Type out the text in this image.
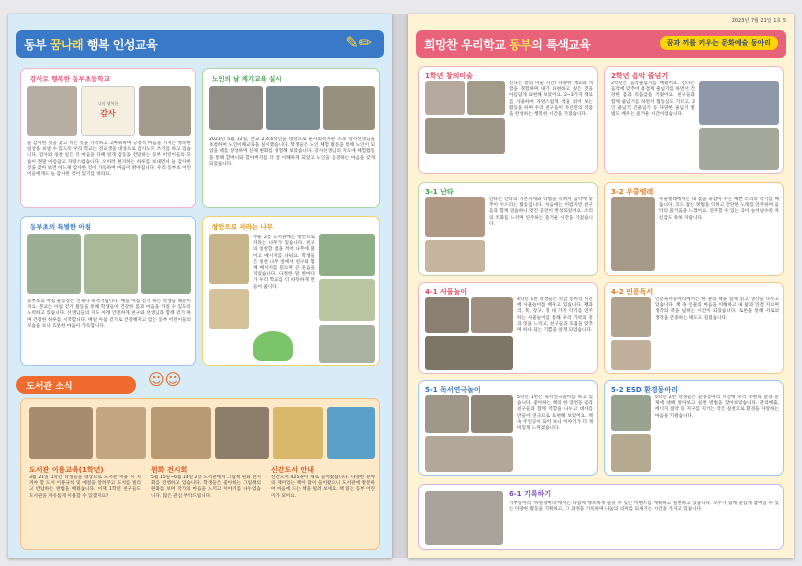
동부 꿈나래 행복 인성교육	✎✏
감사로 행복한 동부초등학교
나의 행복한
감사
늘 감사한 것을 찾고 적은 것을 기억하고 고마워하며 긍정적 마음을 가지는 행복한 일상을 보낼 수 있도록 우리 학교는 전교생을 대상으로 감사노트 쓰기를 하고 있습니다. 감사와 칭찬 일은 더 마음을 다해 알게 감동을 전달하는 동부 어린이들의 모습이 정말 아름답고 자랑스럽습니다. 오히려 편지하는 하루를 보내면서 늘 감사한 것을 찾아 보면 어느새 감사한 것이 가득하여 마음이 밝아집니다. 우리 동부초 어린이들에게도 늘 감사한 것이 있기를 바라요.
노인의 날 계기교육 실시
2023년 5월 12일, 본교 2,4,6학년을 대상으로 운사회복지관 소속 강사선생님을 초청하여 노인이해교육을 실시했습니다. 학생들은 노인 체험 활동을 통해 노인이 되었을 때를 상상하며 신체 변화를 경험해 보았습니다. 강사선생님의 지도에 체험활동을 통해 할머니와 할아버지를 더 잘 이해하게 되었고 노인을 공경하는 마음을 갖게 되었습니다.
동부초의 특별한 아침
동부초의 아침 운동장은 언제나 북적거립니다. 매일 아침 걷기 하는 학생들 때문이지요. 본교는 아침 걷기 활동을 통해 학생들이 건강한 몸과 마음을 가질 수 있도록 노력하고 있습니다. 선생님들의 지도 아래 안전하게 친구와 선생님과 함께 걷기 하며 건강한 하루를 시작합니다. 매일 아침 걷기로 건강해지고 있는 동부 어린이들의 모습을 보니 흐뭇한 마음이 가득합니다.
창안으로 자라는 나무
추운 2층 도서관에는 창안으로 자라는 나무가 있습니다. 친구의 칭찬할 점을 적어 나무에 붙이고 메시지를 나눠요. 학생들은 칭찬 나무 앞에서 친구와 함께 메시지를 읽으며 큰 웃음을 지었습니다. 다정한 말 한마디가 우리 학교를 더 따뜻하게 만들어 줍니다.
도서관 소식	☺☺
도서관 이용교육(1학년)
3월 21일 1학년 학생들을 대상으로 도서관 이용 시 지켜야 할 도서 이용규칙 및 예절을 알려주고 도서를 빌리고 반납하는 방법을 배웠습니다. 이제 1학년 친구들도 도서관을 자유롭게 이용할 수 있겠지요?
원화 전시회
5월 15일~6월 14일 2층 도서관에서 그림책 원화 전시회를 진행하고 있습니다. 학생들은 좋아하는 그림책의 원화를 보며 작가의 마음을 느끼고 이야기를 나누었습니다. 많은 관심 부탁드립니다.
신간도서 안내
신간도서 425권이 새로 들어왔습니다. 다양한 분야의 재미있는 책이 많이 들어왔으니 도서관에 방문하여 마음에 드는 책을 빌려 보세요. 책 읽는 동부 어린이가 되어요.
2023년 7월 21일 1호 5
희망찬 우리학교 동부의 특색교육	꿈과 끼를 키우는 문화예술 동아리
1학년 창의미술
신나는 창의 미술 시간! 다양한 재료와 색깔을 경험하며 내가 표현하고 싶은 것을 아름답게 표현해 보았어요. 2~3가지 재료를 사용하여 자연스럽게 색을 섞어 보는 활동을 하며 우리 친구들이 자신만의 작품을 완성하는 행복한 시간을 가졌습니다.
2학년 음악 줄넘기
2학년은 음악줄넘기를 배웠어요. 신나는 음악에 맞추어 흥겹게 줄넘기를 하면서 건강한 몸과 리듬감을 키웠어요. 친구들과 함께 줄넘기를 하면서 협동심도 기르고, 2인 줄넘기 긴줄넘기 등 다양한 줄넘기 방법도 배우는 즐거운 시간이었습니다.
3-1 난타
난타는 난타의 기본자세와 타법을 익혀서 음악에 맞추어 두드리는 활동입니다. 처음에는 어렵지만 친구들과 함께 연습하니 멋진 공연이 완성되었어요. 소리의 조화를 느끼며 연주하는 즐거운 시간을 가졌습니다.
3-2 우쿨렐레
우쿨렐레에서는 내 몸을 휘감아 주는 예쁜 소리의 악기를 배웁니다. 코드 잡는 방법을 익히고 간단한 노래를 연주하며 음악의 즐거움을 느꼈어요. 연주할 수 있는 곡이 늘어날수록 자신감도 쑥쑥 자랍니다.
4-1 사물놀이
4학년 1반 학생들은 학급 동아리 시간에 사물놀이를 배우고 있습니다. 꽹과리, 북, 장구, 징 네 가지 악기를 연주하는 사물놀이를 통해 우리 가락의 흥과 멋을 느끼고, 친구들과 호흡을 맞추며 하나 되는 기쁨을 알게 되었습니다.
4-2 인문독서
인문독서동아리에서는 한 권의 책을 함께 읽고 생각을 나누고 있습니다. 책 속 인물의 마음을 이해하고 내 삶과 연결 지으며 생각의 폭을 넓히는 시간이 되었습니다. 토론을 통해 서로의 생각을 존중하는 태도도 길렀습니다.
5-1 독서연극놀이
5학년 1반은 독서연극놀이를 하고 있습니다. 좋아하는 책의 한 장면을 골라 친구들과 함께 역할을 나누고 대사를 만들어 연극으로 표현해 보았어요. 책 속 주인공이 되어 보니 이야기가 더 재미있게 느껴졌습니다.
5-2 ESD 환경동아리
5학년 2반 학생들은 환경동아리 시간에 우리 주변의 환경 문제에 대해 알아보고 실천 방법을 찾아보았습니다. 분리배출, 에너지 절약 등 지구를 지키는 작은 실천으로 환경을 사랑하는 마음을 키웠습니다.
6-1 기록하기
기부동아리 '하얼경마리'에서는 다함께 행복하게 즐길 수 있는 이벤트를 계획하고 실천하고 있습니다. 모두가 함께 즐겁게 참여할 수 있는 다양한 활동을 기획하고, 그 과정을 기록하며 나눔의 의미를 되새기는 시간을 가지고 있습니다.
